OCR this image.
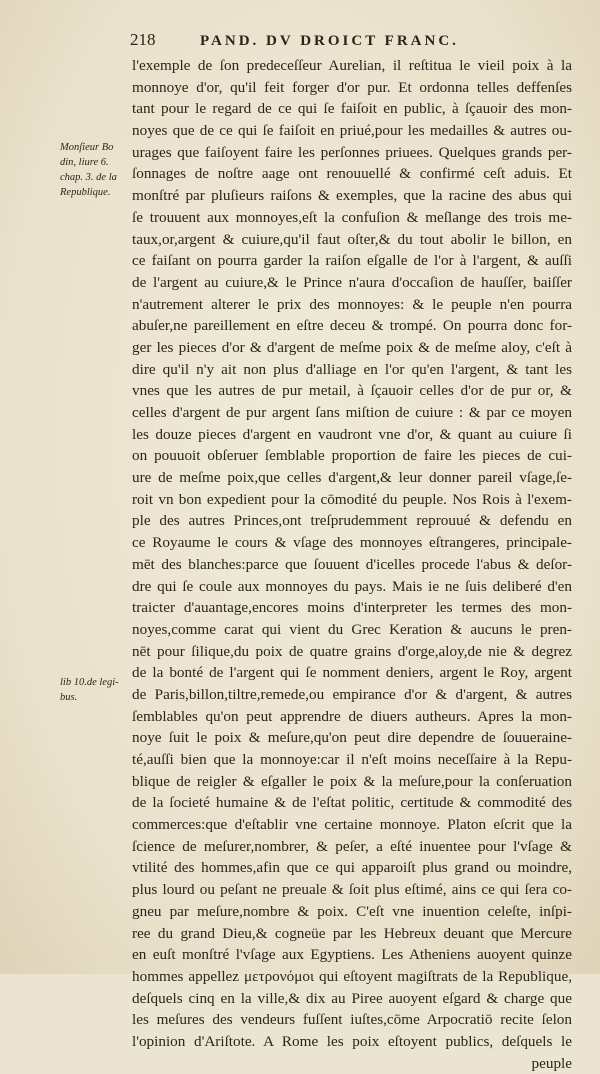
218	PAND. DV DROICT FRANC.
Monſieur Bo
din, liure 6.
chap. 3. de la
Republique.
lib 10.de legi-
bus.
l'exemple de ſon predeceſſeur Aurelian, il reſtitua le vieil poix à la
monnoye d'or, qu'il feit forger d'or pur. Et ordonna telles deffenſes
tant pour le regard de ce qui ſe faiſoit en public, à ſçauoir des mon-
noyes que de ce qui ſe faiſoit en priué,pour les medailles & autres ou-
urages que faiſoyent faire les perſonnes priuees. Quelques grands per-
ſonnages de noſtre aage ont renouuellé & confirmé ceſt aduis. Et
monſtré par pluſieurs raiſons & exemples, que la racine des abus qui
ſe trouuent aux monnoyes,eſt la confuſion & meſlange des trois me-
taux,or,argent & cuiure,qu'il faut oſter,& du tout abolir le billon, en
ce faiſant on pourra garder la raiſon eſgalle de l'or à l'argent, & auſſi
de l'argent au cuiure,& le Prince n'aura d'occaſion de hauſſer, baiſſer
n'autrement alterer le prix des monnoyes: & le peuple n'en pourra
abuſer,ne pareillement en eſtre deceu & trompé. On pourra donc for-
ger les pieces d'or & d'argent de meſme poix & de meſme aloy, c'eſt à
dire qu'il n'y ait non plus d'alliage en l'or qu'en l'argent, & tant les
vnes que les autres de pur metail, à ſçauoir celles d'or de pur or, &
celles d'argent de pur argent ſans miſtion de cuiure : & par ce moyen
les douze pieces d'argent en vaudront vne d'or, & quant au cuiure ſi
on pouuoit obſeruer ſemblable proportion de faire les pieces de cui-
ure de meſme poix,que celles d'argent,& leur donner pareil vſage,ſe-
roit vn bon expedient pour la cōmodité du peuple. Nos Rois à l'exem-
ple des autres Princes,ont treſprudemment reprouué & defendu en
ce Royaume le cours & vſage des monnoyes eſtrangeres, principale-
mēt des blanches:parce que ſouuent d'icelles procede l'abus & deſor-
dre qui ſe coule aux monnoyes du pays. Mais ie ne ſuis deliberé d'en
traicter d'auantage,encores moins d'interpreter les termes des mon-
noyes,comme carat qui vient du Grec Keration & aucuns le pren-
nēt pour ſilique,du poix de quatre grains d'orge,aloy,de nie & degrez
de la bonté de l'argent qui ſe nomment deniers, argent le Roy, argent
de Paris,billon,tiltre,remede,ou empirance d'or & d'argent, & autres
ſemblables qu'on peut apprendre de diuers autheurs. Apres la mon-
noye ſuit le poix & meſure,qu'on peut dire dependre de ſouueraine-
té,auſſi bien que la monnoye:car il n'eſt moins neceſſaire à la Repu-
blique de reigler & eſgaller le poix & la meſure,pour la conſeruation
de la ſocieté humaine & de l'eſtat politic, certitude & commodité des
commerces:que d'eſtablir vne certaine monnoye. Platon eſcrit que la
ſcience de meſurer,nombrer, & peſer, a eſté inuentee pour l'vſage &
vtilité des hommes,afin que ce qui apparoiſt plus grand ou moindre,
plus lourd ou peſant ne preuale & ſoit plus eſtimé, ains ce qui ſera co-
gneu par meſure,nombre & poix. C'eſt vne inuention celeſte, inſpi-
ree du grand Dieu,& cogneüe par les Hebreux deuant que Mercure
en euſt monſtré l'vſage aux Egyptiens. Les Atheniens auoyent quinze
hommes appellez μετρονόμοι qui eſtoyent magiſtrats de la Republique,
deſquels cinq en la ville,& dix au Piree auoyent eſgard & charge que
les meſures des vendeurs fuſſent iuſtes,cōme Arpocratiō recite ſelon
l'opinion d'Ariſtote. A Rome les poix eſtoyent publics, deſquels le
peuple
